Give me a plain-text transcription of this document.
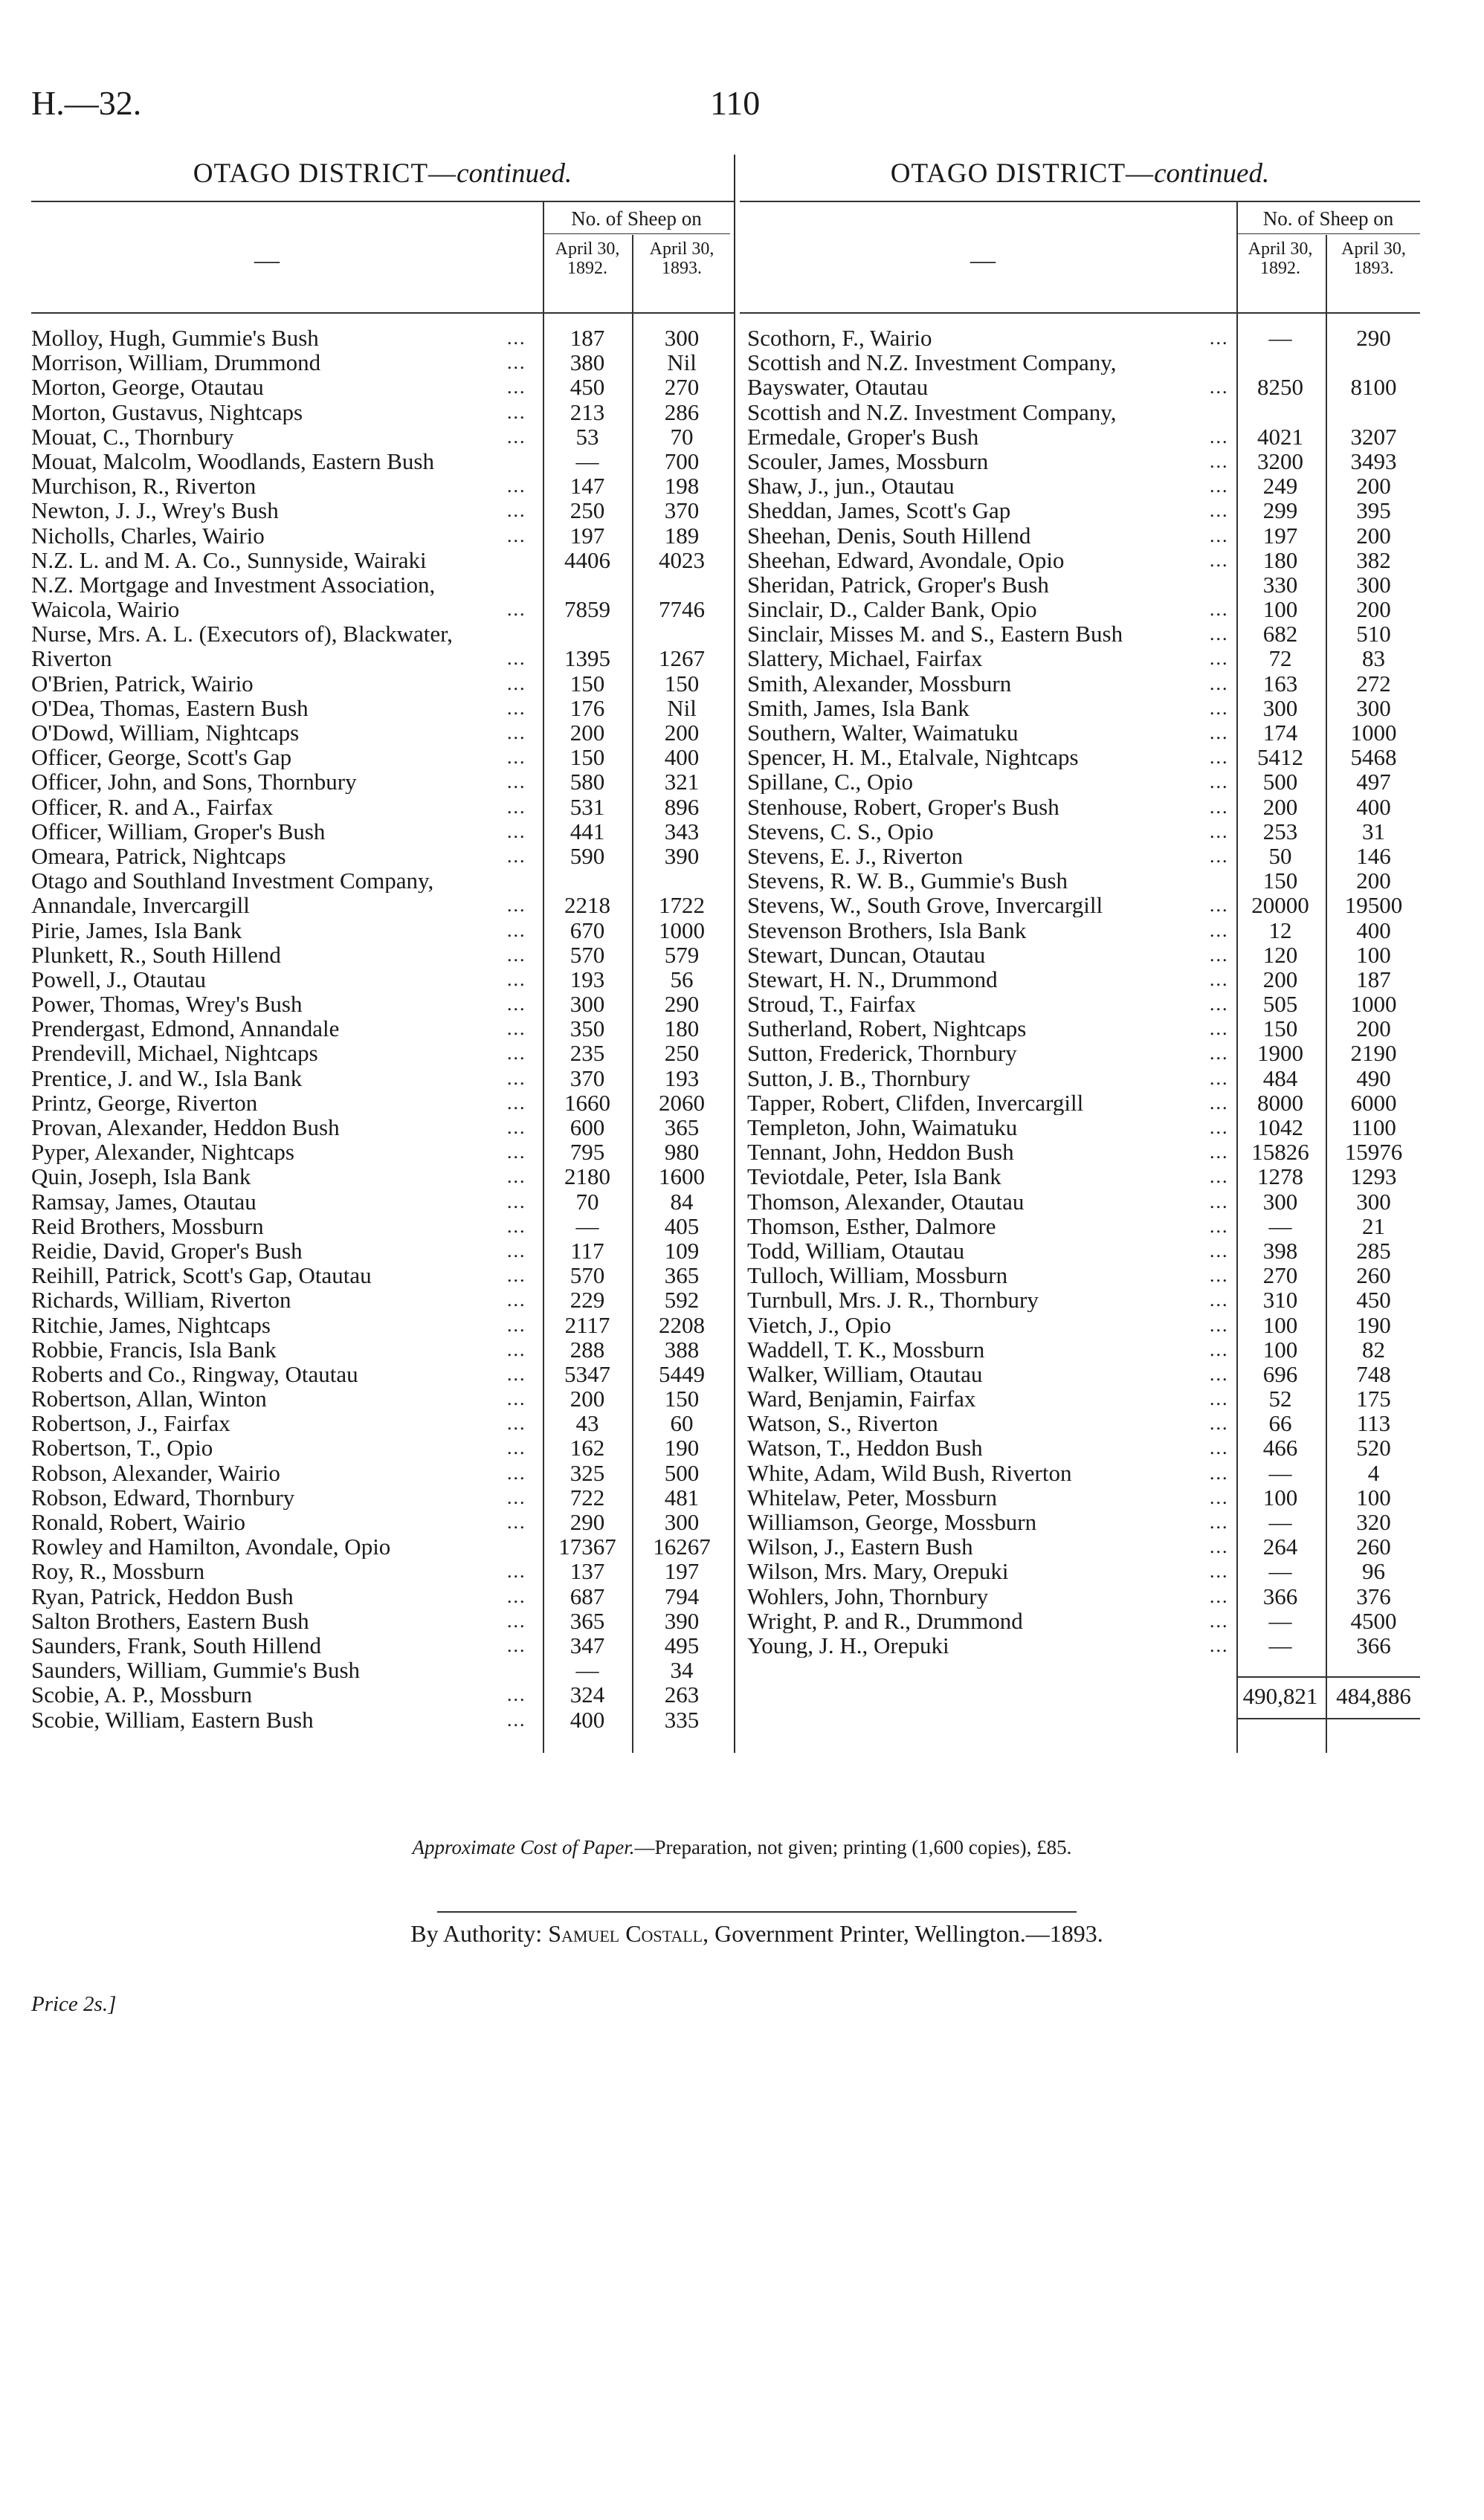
H.—32.	110
OTAGO DISTRICT—continued.
—
No. of Sheep on
April 30,
1892.
April 30,
1893.
Molloy, Hugh, Gummie's Bush	...	187	300
Morrison, William, Drummond	...	380	Nil
Morton, George, Otautau	...	450	270
Morton, Gustavus, Nightcaps	...	213	286
Mouat, C., Thornbury	...	53	70
Mouat, Malcolm, Woodlands, Eastern Bush	—	700
Murchison, R., Riverton	...	147	198
Newton, J. J., Wrey's Bush	...	250	370
Nicholls, Charles, Wairio	...	197	189
N.Z. L. and M. A. Co., Sunnyside, Wairaki	4406	4023
N.Z. Mortgage and Investment Association,
Waicola, Wairio	...	7859	7746
Nurse, Mrs. A. L. (Executors of), Blackwater,
Riverton	...	1395	1267
O'Brien, Patrick, Wairio	...	150	150
O'Dea, Thomas, Eastern Bush	...	176	Nil
O'Dowd, William, Nightcaps	...	200	200
Officer, George, Scott's Gap	...	150	400
Officer, John, and Sons, Thornbury	...	580	321
Officer, R. and A., Fairfax	...	531	896
Officer, William, Groper's Bush	...	441	343
Omeara, Patrick, Nightcaps	...	590	390
Otago and Southland Investment Company,
Annandale, Invercargill	...	2218	1722
Pirie, James, Isla Bank	...	670	1000
Plunkett, R., South Hillend	...	570	579
Powell, J., Otautau	...	193	56
Power, Thomas, Wrey's Bush	...	300	290
Prendergast, Edmond, Annandale	...	350	180
Prendevill, Michael, Nightcaps	...	235	250
Prentice, J. and W., Isla Bank	...	370	193
Printz, George, Riverton	...	1660	2060
Provan, Alexander, Heddon Bush	...	600	365
Pyper, Alexander, Nightcaps	...	795	980
Quin, Joseph, Isla Bank	...	2180	1600
Ramsay, James, Otautau	...	70	84
Reid Brothers, Mossburn	...	—	405
Reidie, David, Groper's Bush	...	117	109
Reihill, Patrick, Scott's Gap, Otautau	...	570	365
Richards, William, Riverton	...	229	592
Ritchie, James, Nightcaps	...	2117	2208
Robbie, Francis, Isla Bank	...	288	388
Roberts and Co., Ringway, Otautau	...	5347	5449
Robertson, Allan, Winton	...	200	150
Robertson, J., Fairfax	...	43	60
Robertson, T., Opio	...	162	190
Robson, Alexander, Wairio	...	325	500
Robson, Edward, Thornbury	...	722	481
Ronald, Robert, Wairio	...	290	300
Rowley and Hamilton, Avondale, Opio	17367	16267
Roy, R., Mossburn	...	137	197
Ryan, Patrick, Heddon Bush	...	687	794
Salton Brothers, Eastern Bush	...	365	390
Saunders, Frank, South Hillend	...	347	495
Saunders, William, Gummie's Bush	—	34
Scobie, A. P., Mossburn	...	324	263
Scobie, William, Eastern Bush	...	400	335
OTAGO DISTRICT—continued.
—
No. of Sheep on
April 30,
1892.
April 30,
1893.
Scothorn, F., Wairio	...	—	290
Scottish and N.Z. Investment Company,
Bayswater, Otautau	...	8250	8100
Scottish and N.Z. Investment Company,
Ermedale, Groper's Bush	...	4021	3207
Scouler, James, Mossburn	...	3200	3493
Shaw, J., jun., Otautau	...	249	200
Sheddan, James, Scott's Gap	...	299	395
Sheehan, Denis, South Hillend	...	197	200
Sheehan, Edward, Avondale, Opio	...	180	382
Sheridan, Patrick, Groper's Bush	330	300
Sinclair, D., Calder Bank, Opio	...	100	200
Sinclair, Misses M. and S., Eastern Bush	...	682	510
Slattery, Michael, Fairfax	...	72	83
Smith, Alexander, Mossburn	...	163	272
Smith, James, Isla Bank	...	300	300
Southern, Walter, Waimatuku	...	174	1000
Spencer, H. M., Etalvale, Nightcaps	...	5412	5468
Spillane, C., Opio	...	500	497
Stenhouse, Robert, Groper's Bush	...	200	400
Stevens, C. S., Opio	...	253	31
Stevens, E. J., Riverton	...	50	146
Stevens, R. W. B., Gummie's Bush	150	200
Stevens, W., South Grove, Invercargill	... 20000	19500
Stevenson Brothers, Isla Bank	...	12	400
Stewart, Duncan, Otautau	...	120	100
Stewart, H. N., Drummond	...	200	187
Stroud, T., Fairfax	...	505	1000
Sutherland, Robert, Nightcaps	...	150	200
Sutton, Frederick, Thornbury	...	1900	2190
Sutton, J. B., Thornbury	...	484	490
Tapper, Robert, Clifden, Invercargill	...	8000	6000
Templeton, John, Waimatuku	...	1042	1100
Tennant, John, Heddon Bush	... 15826	15976
Teviotdale, Peter, Isla Bank	...	1278	1293
Thomson, Alexander, Otautau	...	300	300
Thomson, Esther, Dalmore	...	—	21
Todd, William, Otautau	...	398	285
Tulloch, William, Mossburn	...	270	260
Turnbull, Mrs. J. R., Thornbury	...	310	450
Vietch, J., Opio	...	100	190
Waddell, T. K., Mossburn	...	100	82
Walker, William, Otautau	...	696	748
Ward, Benjamin, Fairfax	...	52	175
Watson, S., Riverton	...	66	113
Watson, T., Heddon Bush	...	466	520
White, Adam, Wild Bush, Riverton	...	—	4
Whitelaw, Peter, Mossburn	...	100	100
Williamson, George, Mossburn	...	—	320
Wilson, J., Eastern Bush	...	264	260
Wilson, Mrs. Mary, Orepuki	...	—	96
Wohlers, John, Thornbury	...	366	376
Wright, P. and R., Drummond	...	—	4500
Young, J. H., Orepuki	...	—	366
490,821 484,886
Approximate Cost of Paper.—Preparation, not given; printing (1,600 copies), £85.
By Authority: Samuel Costall, Government Printer, Wellington.—1893.
Price 2s.]
